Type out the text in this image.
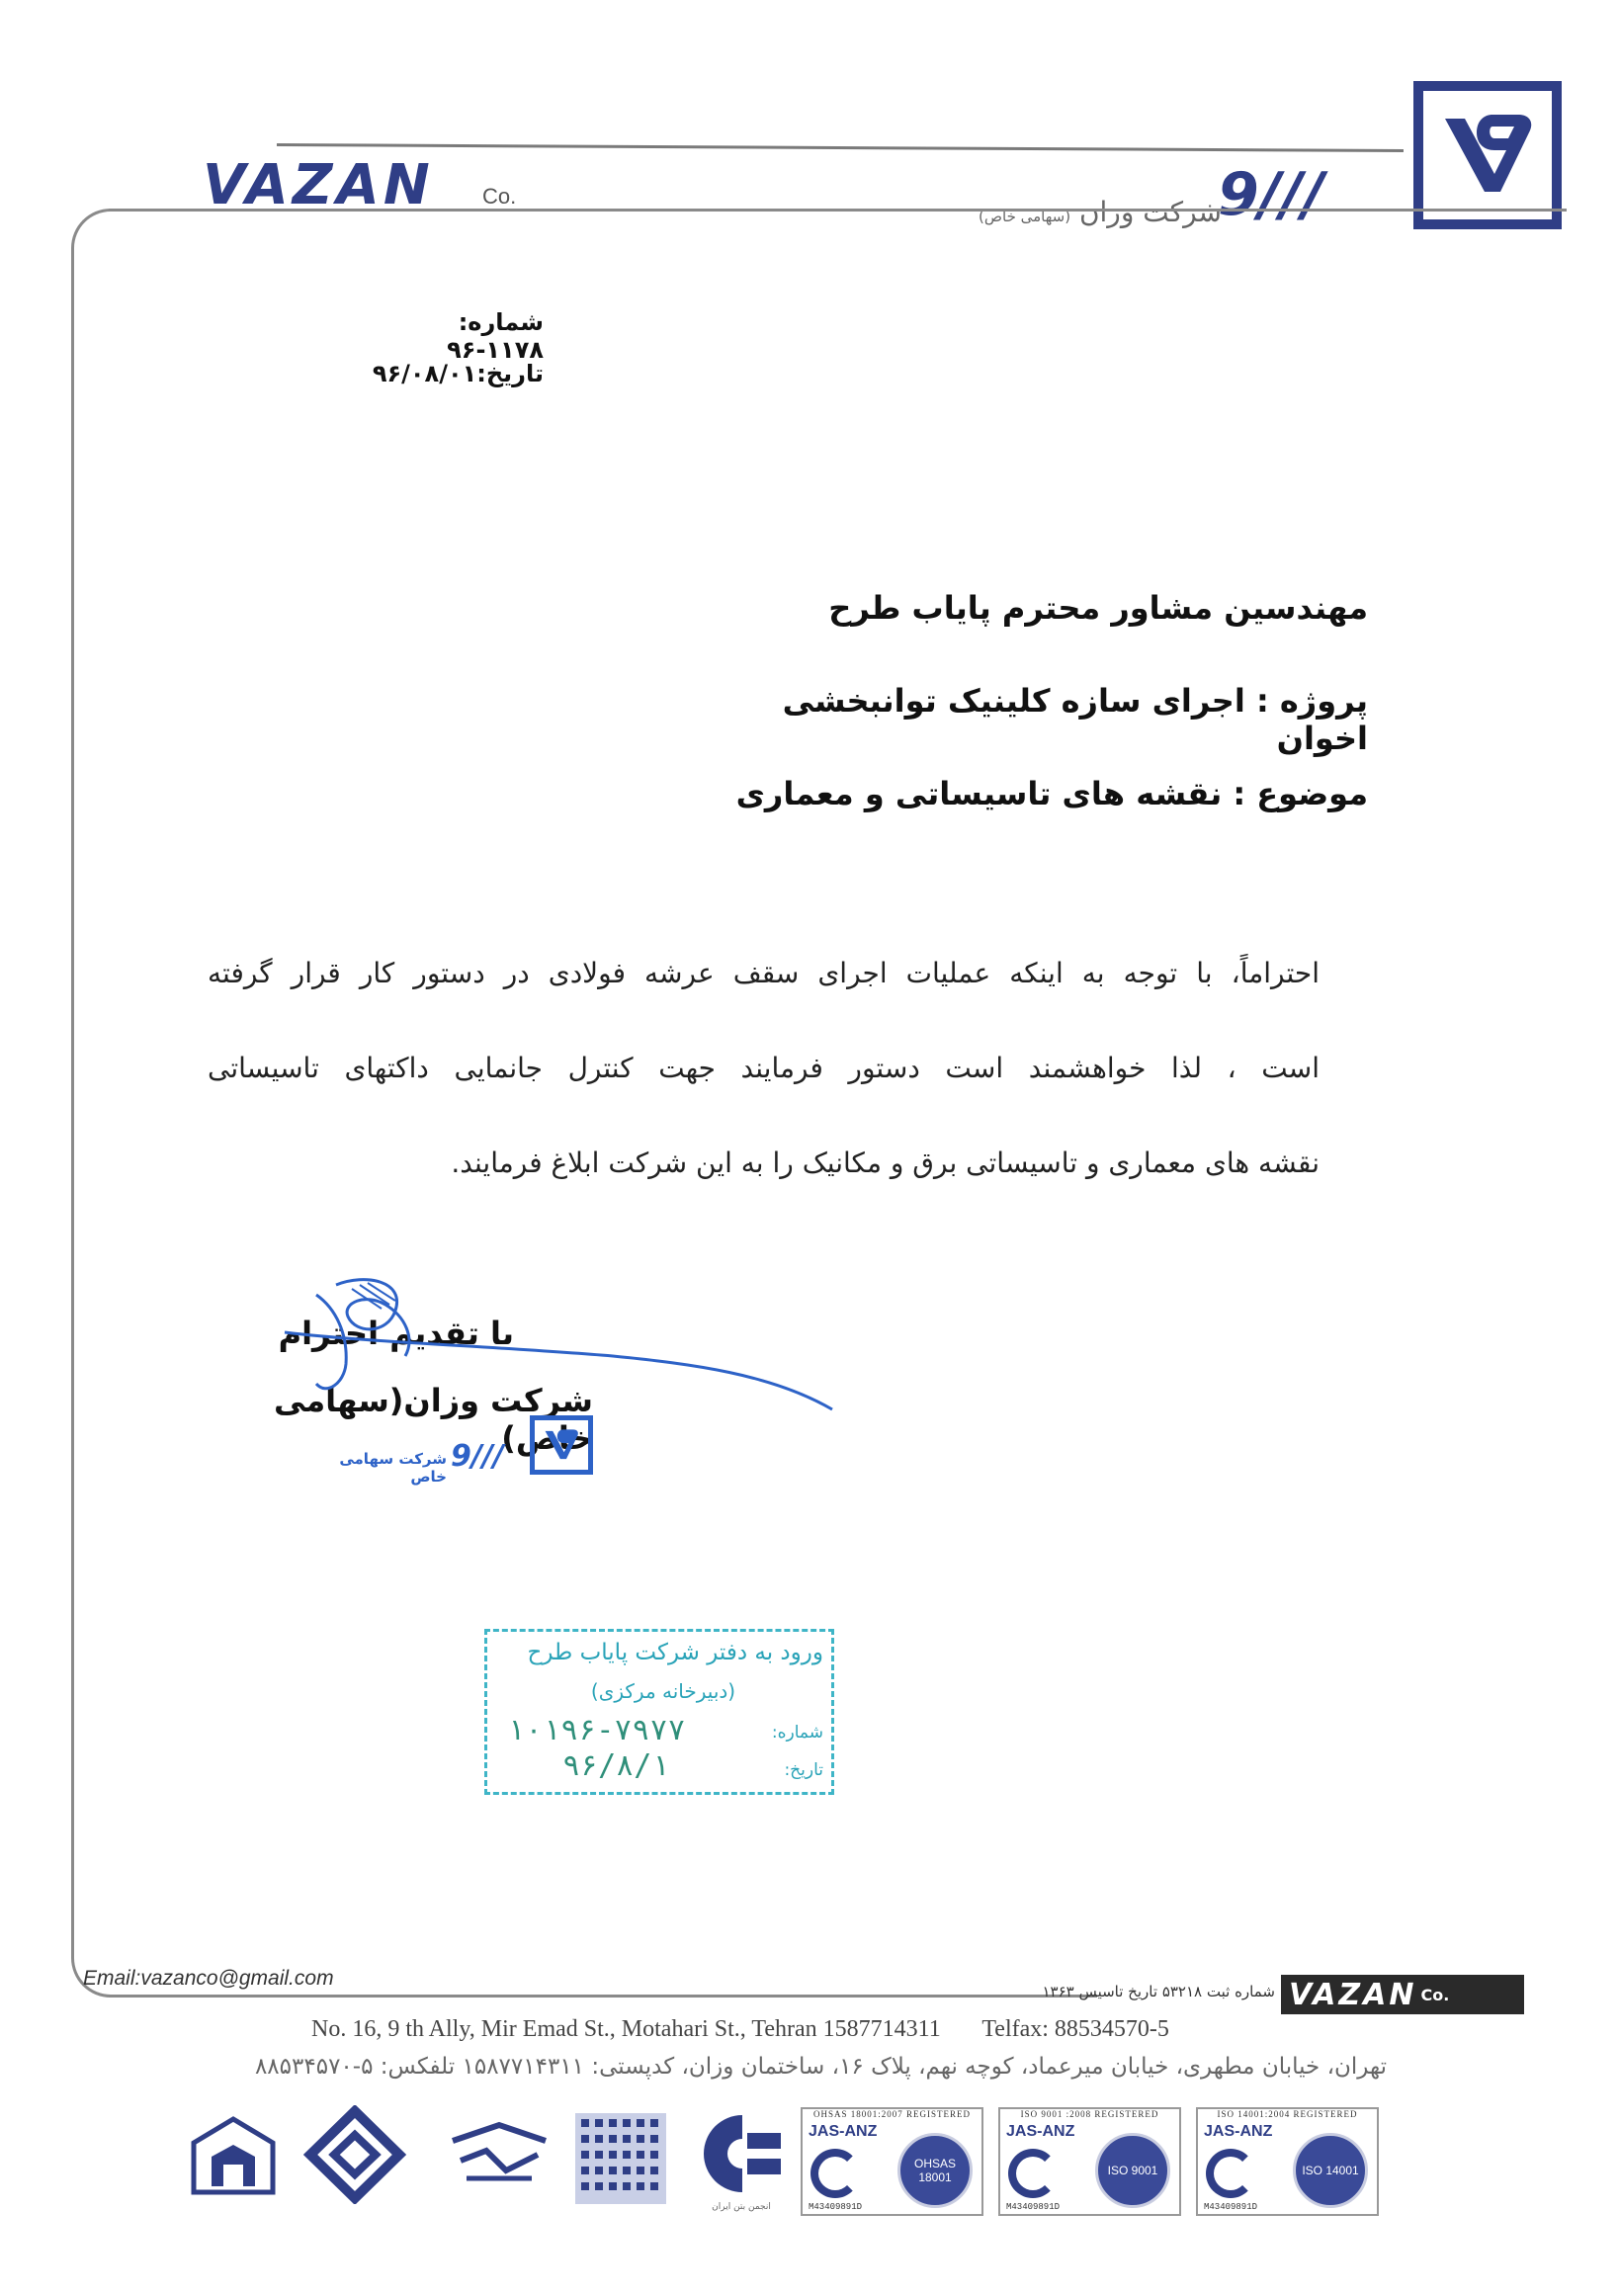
VAZAN Co.	9///
شرکت وزان (سهامی خاص)
شماره: ۱۱۷۸-۹۶
تاریخ:۹۶/۰۸/۰۱
مهندسین مشاور محترم پایاب طرح
پروژه : اجرای سازه کلینیک توانبخشی اخوان
موضوع : نقشه های تاسیساتی و معماری
احتراماً، با توجه به اینکه عملیات اجرای سقف عرشه فولادی در دستور کار قرار گرفته
است ، لذا خواهشمند است دستور فرمایند جهت کنترل جانمایی داکتهای تاسیساتی
نقشه های معماری و تاسیساتی برق و مکانیک را به این شرکت ابلاغ فرمایند.
با تقدیم احترام
شرکت وزان(سهامی خاص)
9///
شرکت سهامی خاص
ورود به دفتر شرکت پایاب طرح
(دبیرخانه مرکزی)
شماره:
۱۰۱۹۶-۷۹۷۷
تاریخ:
۹۶/۸/۱
Email:vazanco@gmail.com
شماره ثبت ۵۳۲۱۸ تاریخ تاسیس ۱۳۶۳ VAZAN Co.
No. 16, 9 th Ally, Mir Emad St., Motahari St., Tehran 1587714311 Telfax: 88534570-5
تهران، خیابان مطهری، خیابان میرعماد، کوچه نهم، پلاک ۱۶، ساختمان وزان، کدپستی: ۱۵۸۷۷۱۴۳۱۱ تلفکس: ۵-۸۸۵۳۴۵۷۰
انجمن بتن ایران
OHSAS 18001:2007 REGISTERED
JAS-ANZ
OHSAS 18001
M43409891D
ISO 9001 :2008 REGISTERED
JAS-ANZ
ISO 9001
M43409891D
ISO 14001:2004 REGISTERED
JAS-ANZ
ISO 14001
M43409891D
